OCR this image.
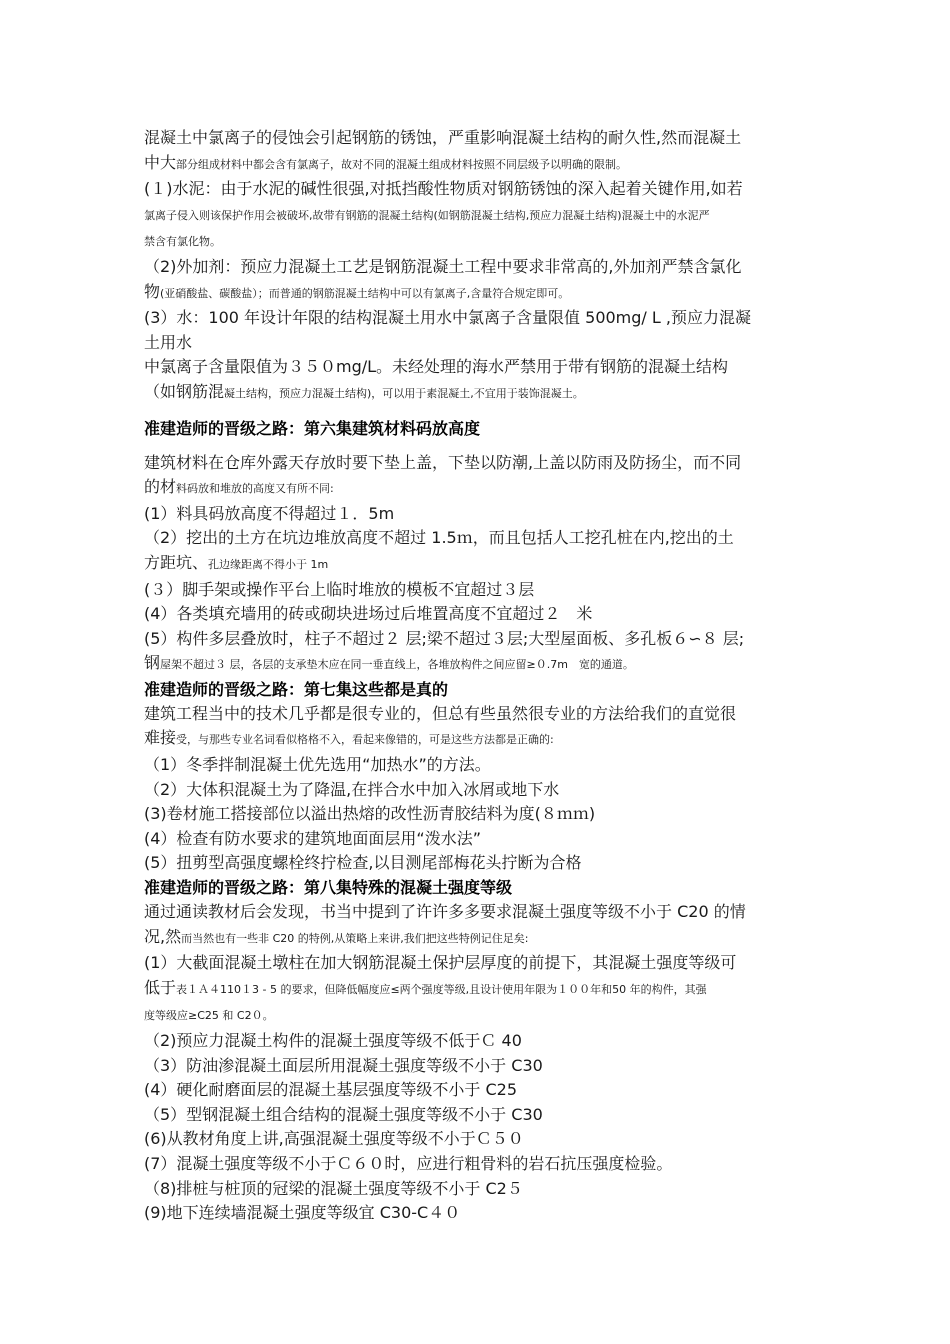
混凝土中氯离子的侵蚀会引起钢筋的锈蚀，严重影响混凝土结构的耐久性,然而混凝土
中大部分组成材料中都会含有氯离子，故对不同的混凝土组成材料按照不同层级予以明确的限制。
(１)水泥：由于水泥的碱性很强,对抵挡酸性物质对钢筋锈蚀的深入起着关键作用,如若
氯离子侵入则该保护作用会被破坏,故带有钢筋的混凝土结构(如钢筋混凝土结构,预应力混凝土结构)混凝土中的水泥严
禁含有氯化物。
（2)外加剂：预应力混凝土工艺是钢筋混凝土工程中要求非常高的,外加剂严禁含氯化
物(亚硝酸盐、碳酸盐）；而普通的钢筋混凝土结构中可以有氯离子,含量符合规定即可。
(3）水：100 年设计年限的结构混凝土用水中氯离子含量限值 500mg/ L ,预应力混凝
土用水
中氯离子含量限值为３５０mg/L。未经处理的海水严禁用于带有钢筋的混凝土结构
（如钢筋混凝土结构，预应力混凝土结构)，可以用于素混凝土,不宜用于装饰混凝土。
准建造师的晋级之路：第六集建筑材料码放高度
建筑材料在仓库外露天存放时要下垫上盖，下垫以防潮,上盖以防雨及防扬尘，而不同
的材料码放和堆放的高度又有所不同:
(1）料具码放高度不得超过１．5m
（2）挖出的土方在坑边堆放高度不超过 1.5ｍ，而且包括人工挖孔桩在内,挖出的土
方距坑、孔边缘距离不得小于 1m
(３）脚手架或操作平台上临时堆放的模板不宜超过３层
(4）各类填充墙用的砖或砌块进场过后堆置高度不宜超过２　米
(5）构件多层叠放时，柱子不超过２ 层;梁不超过３层;大型屋面板、多孔板６∽８ 层;
钢屋架不超过３ 层，各层的支承垫木应在同一垂直线上，各堆放构件之间应留≥０.7m　宽的通道。
准建造师的晋级之路：第七集这些都是真的
建筑工程当中的技术几乎都是很专业的，但总有些虽然很专业的方法给我们的直觉很
难接受，与那些专业名词看似格格不入，看起来像错的，可是这些方法都是正确的:
（1）冬季拌制混凝土优先选用“加热水”的方法。
（2）大体积混凝土为了降温,在拌合水中加入冰屑或地下水
(3)卷材施工搭接部位以溢出热熔的改性沥青胶结料为度(８ｍｍ)
(4）检查有防水要求的建筑地面面层用“泼水法”
(5）扭剪型高强度螺栓终拧检查,以目测尾部梅花头拧断为合格
准建造师的晋级之路：第八集特殊的混凝土强度等级
通过通读教材后会发现，书当中提到了许许多多要求混凝土强度等级不小于 C20 的情
况,然而当然也有一些非 C20 的特例,从策略上来讲,我们把这些特例记住足矣:
(1）大截面混凝土墩柱在加大钢筋混凝土保护层厚度的前提下，其混凝土强度等级可
低于表１Ａ４110１3 - 5 的要求，但降低幅度应≤两个强度等级,且设计使用年限为１００年和50 年的构件，其强
度等级应≥C25 和 C2０。
（2)预应力混凝土构件的混凝土强度等级不低于Ｃ 40
（3）防油渗混凝土面层所用混凝土强度等级不小于 C30
(4）硬化耐磨面层的混凝土基层强度等级不小于 C25
（5）型钢混凝土组合结构的混凝土强度等级不小于 C30
(6)从教材角度上讲,高强混凝土强度等级不小于Ｃ５０
(7）混凝土强度等级不小于Ｃ６０时，应进行粗骨料的岩石抗压强度检验。
（8)排桩与桩顶的冠梁的混凝土强度等级不小于 C2５
(9)地下连续墙混凝土强度等级宜 C30-C４０
